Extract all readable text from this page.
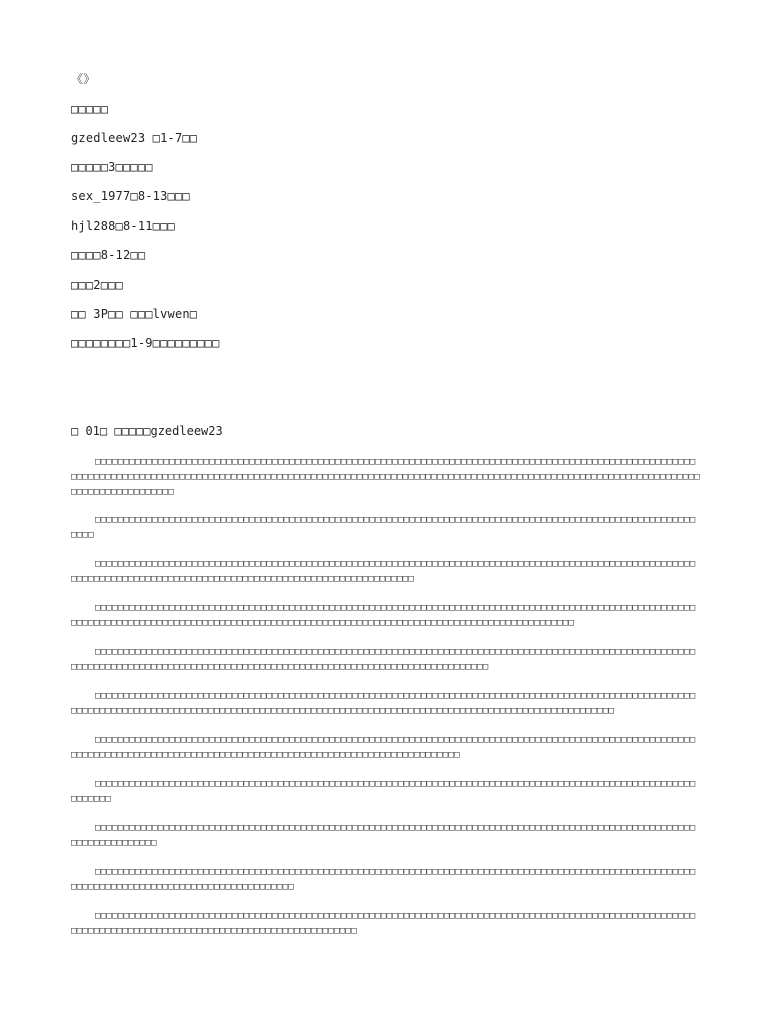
《》
□□□□□
gzedleew23 □1-7□□
□□□□□3□□□□□
sex_1977□8-13□□□
hjl288□8-11□□□
□□□□8-12□□
□□□2□□□
□□ 3P□□ □□□lvwen□
□□□□□□□□1-9□□□□□□□□□
□ 01□ □□□□□gzedleew23

□□□□□□□□□□□□□□□□□□□□□□□□□□□□□□□□□□□□□□□□□□□□□□□□□□□□□□□□□□□□□□□□□□□□□□□□□□□□□□□□□□□□□□□□□□□□□□□□□□□□□□□□□□□□□□□□□□□□□□□□□□□□□□□□□□□□□□□□□□□□□□□□□□□□□□□□□□□□□□□□□□□□□□□□□□□□□□□□□□□□□□□□□□□□□□□□□□□□□□□□□□□□□□□□□□□□□□□□□□□□□□□□□□□□□□□□□

□□□□□□□□□□□□□□□□□□□□□□□□□□□□□□□□□□□□□□□□□□□□□□□□□□□□□□□□□□□□□□□□□□□□□□□□□□□□□□□□□□□□□□□□□□□□□□□□□□□□□□□□□□□□□

□□□□□□□□□□□□□□□□□□□□□□□□□□□□□□□□□□□□□□□□□□□□□□□□□□□□□□□□□□□□□□□□□□□□□□□□□□□□□□□□□□□□□□□□□□□□□□□□□□□□□□□□□□□□□□□□□□□□□□□□□□□□□□□□□□□□□□□□□□□□□□□□□□□□□□□□□□□□□□□□□□□□□

□□□□□□□□□□□□□□□□□□□□□□□□□□□□□□□□□□□□□□□□□□□□□□□□□□□□□□□□□□□□□□□□□□□□□□□□□□□□□□□□□□□□□□□□□□□□□□□□□□□□□□□□□□□□□□□□□□□□□□□□□□□□□□□□□□□□□□□□□□□□□□□□□□□□□□□□□□□□□□□□□□□□□□□□□□□□□□□□□□□□□□□□□□□□□□□□□

□□□□□□□□□□□□□□□□□□□□□□□□□□□□□□□□□□□□□□□□□□□□□□□□□□□□□□□□□□□□□□□□□□□□□□□□□□□□□□□□□□□□□□□□□□□□□□□□□□□□□□□□□□□□□□□□□□□□□□□□□□□□□□□□□□□□□□□□□□□□□□□□□□□□□□□□□□□□□□□□□□□□□□□□□□□□□□□□□□

□□□□□□□□□□□□□□□□□□□□□□□□□□□□□□□□□□□□□□□□□□□□□□□□□□□□□□□□□□□□□□□□□□□□□□□□□□□□□□□□□□□□□□□□□□□□□□□□□□□□□□□□□□□□□□□□□□□□□□□□□□□□□□□□□□□□□□□□□□□□□□□□□□□□□□□□□□□□□□□□□□□□□□□□□□□□□□□□□□□□□□□□□□□□□□□□□□□□□□□□

□□□□□□□□□□□□□□□□□□□□□□□□□□□□□□□□□□□□□□□□□□□□□□□□□□□□□□□□□□□□□□□□□□□□□□□□□□□□□□□□□□□□□□□□□□□□□□□□□□□□□□□□□□□□□□□□□□□□□□□□□□□□□□□□□□□□□□□□□□□□□□□□□□□□□□□□□□□□□□□□□□□□□□□□□□□□□

□□□□□□□□□□□□□□□□□□□□□□□□□□□□□□□□□□□□□□□□□□□□□□□□□□□□□□□□□□□□□□□□□□□□□□□□□□□□□□□□□□□□□□□□□□□□□□□□□□□□□□□□□□□□□□□□

□□□□□□□□□□□□□□□□□□□□□□□□□□□□□□□□□□□□□□□□□□□□□□□□□□□□□□□□□□□□□□□□□□□□□□□□□□□□□□□□□□□□□□□□□□□□□□□□□□□□□□□□□□□□□□□□□□□□□□□□

□□□□□□□□□□□□□□□□□□□□□□□□□□□□□□□□□□□□□□□□□□□□□□□□□□□□□□□□□□□□□□□□□□□□□□□□□□□□□□□□□□□□□□□□□□□□□□□□□□□□□□□□□□□□□□□□□□□□□□□□□□□□□□□□□□□□□□□□□□□□□□□□

□□□□□□□□□□□□□□□□□□□□□□□□□□□□□□□□□□□□□□□□□□□□□□□□□□□□□□□□□□□□□□□□□□□□□□□□□□□□□□□□□□□□□□□□□□□□□□□□□□□□□□□□□□□□□□□□□□□□□□□□□□□□□□□□□□□□□□□□□□□□□□□□□□□□□□□□□□□
